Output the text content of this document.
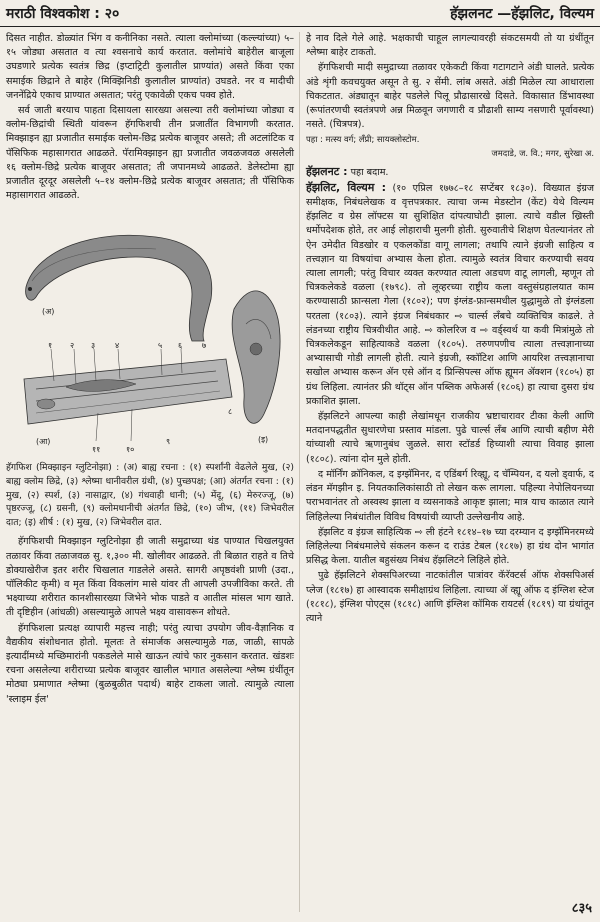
मराठी विश्वकोश : २०	हॅझलनट —हॅझलिट, विल्यम

दिसत नाहीत. डोळ्यांत भिंग व कनीनिका नसते. त्याला क्लोमांच्या (कल्ल्यांच्या) ५–१५ जोड्या असतात व त्या श्वसनाचे कार्य करतात. क्लोमांचे बाहेरील बाजूला उघडणारे प्रत्येक स्वतंत्र छिद्र (इप्टाट्रिटी कुलातील प्राण्यांत) असते किंवा एका समाईक छिद्राने ते बाहेर (मिक्झिनिडी कुलातील प्राण्यांत) उघडते. नर व मादीची जननेंद्रिये एकाच प्राण्यात असतात; परंतु एकावेळी एकच पक्व होते.

सर्व जाती बरयाच पाहता दिसायला सारख्या असल्या तरी क्लोमांच्या जोड्या व क्लोम-छिद्रांची स्थिती यांवरून हॅगफिशची तीन प्रजातींत विभागणी करतात. मिक्झाइन ह्या प्रजातीत समाईक क्लोम-छिद्र प्रत्येक बाजूवर असते; ती अटलांटिक व पॅसिफिक महासागरात आढळते. पॅरामिक्झाइन ह्या प्रजातीत जवळजवळ असलेली १६ क्लोम-छिद्रे प्रत्येक बाजूवर असतात; ती जपानमध्ये आढळते. डेलेस्टोमा ह्या प्रजातीत दूरदूर असलेली ५–१४ क्लोम-छिद्रे प्रत्येक बाजूवर असतात; ती पॅसिफिक महासागरात आढळते.

(अ)
(आ)	(इ)
१ २ ३ ४	५ ६ ७
८
९
१०
११

हॅगफिश (मिक्झाइन ग्लुटिनोझा) : (अ) बाह्य रचना : (१) स्पर्शांनी वेढलेले मुख, (२) बाह्य क्लोम छिद्रे, (३) श्लेष्मा धानीवरील ग्रंथी, (४) पुच्छपक्ष; (आ) अंतर्गत रचना : (१) मुख, (२) स्पर्श, (३) नासाद्वार, (४) गंधवाही धानी; (५) मेंदू, (६) मेरुरज्जू, (७) पृष्ठरज्जू, (८) ग्रसनी, (९) क्लोमधानीची अंतर्गत छिद्रे, (१०) जीभ, (११) जिभेवरील दात; (इ) शीर्ष : (१) मुख, (२) जिभेवरील दात.

हॅगफिशची मिक्झाइन ग्लुटिनोझा ही जाती समुद्राच्या थंड पाण्यात चिखलयुक्त तळावर किंवा तळाजवळ सु. १,३०० मी. खोलीवर आढळते. ती बिळात राहते व तिचे डोक्याखेरीज इतर शरीर चिखलात गाडलेले असते. सागरी अपृष्ठवंशी प्राणी (उदा., पॉलिकीट कृमी) व मृत किंवा विकलांग मासे यांवर ती आपली उपजीविका करते. ती भक्ष्याच्या शरीरात कानशीसारख्या जिभेने भोक पाडते व आतील मांसल भाग खाते. ती दृष्टिहीन (आंधळी) असल्यामुळे आपले भक्ष्य वासावरून शोधते.

हॅगफिशला प्रत्यक्ष व्यापारी महत्त्व नाही; परंतु त्याचा उपयोग जीव-वैज्ञानिक व वैद्यकीय संशोधनात होतो. मूलतः ते संमार्जक असल्यामुळे गळ, जाळी, सापळे इत्यादींमध्ये मच्छिमारांनी पकडलेले मासे खाऊन त्यांचे फार नुकसान करतात. खंडशः रचना असलेल्या शरीराच्या प्रत्येक बाजूवर खालील भागात असलेल्या श्लेष्म ग्रंथींतून मोठ्या प्रमाणात श्लेष्मा (बुळबुळीत पदार्थ) बाहेर टाकला जातो. त्यामुळे त्याला 'स्लाइम ईल'

हे नाव दिले गेले आहे. भक्षकाची चाहूल लागल्यावरही संकटसमयी तो या ग्रंथींतून श्लेष्मा बाहेर टाकतो.

हॅगफिशची मादी समुद्राच्या तळावर एकेकटी किंवा गटागटाने अंडी घालते. प्रत्येक अंडे शृंगी कवचयुक्त असून ते सु. २ सेंमी. लांब असते. अंडी मिळेल त्या आधाराला चिकटतात. अंड्यातून बाहेर पडलेले पिलू प्रौढासारखे दिसते. विकासात डिंभावस्था (रूपांतरणची स्वतंत्रपणे अन्न मिळवून जगणारी व प्रौढाशी साम्य नसणारी पूर्वावस्था) नसते. (चित्रपत्र).

पहा : मत्स्य वर्ग; लँप्री; सायक्लोस्टोम.

जमदाडे, ज. वि.; मगर, सुरेखा अ.

हॅझलनट : पहा बदाम.

हॅझलिट, विल्यम : (१० एप्रिल १७७८–१८ सप्टेंबर १८३०). विख्यात इंग्रज समीक्षक, निबंधलेखक व वृत्तपत्रकार. त्याचा जन्म मेडस्टोन (केंट) येथे विल्यम हॅझलिट व ग्रेस लॉफ्टस या सुशिक्षित दांपत्याघोटी झाला. त्याचे वडील ख्रिस्ती धर्मोपदेशक होते, तर आई लोहाराची मुलगी होती. सुरुवातीचे शिक्षण घेतल्यानंतर तो ऐन उमेदीत विडखोर व एकलकोंडा वागू लागला; तथापि त्याने इंग्रजी साहित्य व तत्त्वज्ञान या विषयांचा अभ्यास केला होता. त्यामुळे स्वतंत्र विचार करण्याची सवय त्याला लागली; परंतु विचार व्यक्त करण्यात त्याला अडचण वाटू लागली, म्हणून तो चित्रकलेकडे वळला (१७९८). तो लूव्हरच्या राष्ट्रीय कला वस्तुसंग्रहालयात काम करण्यासाठी फ्रान्सला गेला (१८०२); पण इंग्लंड-फ्रान्समधील युद्धामुळे तो इंग्लंडला परतला (१८०३). त्याने इंग्रज निबंधकार ⇨ चार्ल्स लँबचे व्यक्तिचित्र काढले. ते लंडनच्या राष्ट्रीय चित्रवीथीत आहे. ⇨ कोलरिज व ⇨ वर्ड्स्वर्थ या कवी मित्रांमुळे तो चित्रकलेकडून साहित्याकडे वळला (१८०५). तरुणपणीच त्याला तत्त्वज्ञानाच्या अभ्यासाची गोडी लागली होती. त्याने इंग्रजी, स्कॉटिश आणि आयरिश तत्त्वज्ञानाचा सखोल अभ्यास करून ॲन एसे ऑन द प्रिन्सिपल्स ऑफ ह्यूमन ॲक्शन (१८०५) हा ग्रंथ लिहिला. त्यानंतर फ्री थॉट्स ऑन पब्लिक अफेअर्स (१८०६) हा त्याचा दुसरा ग्रंथ प्रकाशित झाला.

हॅझलिटने आपल्या काही लेखांमधून राजकीय भ्रष्टाचारावर टीका केली आणि मतदानपद्धतीत सुधारणेचा प्रस्ताव मांडला. पुढे चार्ल्स लँब आणि त्याची बहीण मेरी यांच्याशी त्याचे ऋणानुबंध जुळले. सारा स्टॉडर्ड हिच्याशी त्याचा विवाह झाला (१८०८). त्यांना दोन मुले होती.

द मॉर्निंग क्रॉनिकल, द इग्झॅमिनर, द एडिंबर्ग रिव्ह्यू, द चॅम्पियन, द यलो ड्वार्फ, द लंडन मॅगझीन इ. नियतकालिकांसाठी तो लेखन करू लागला. पहिल्या नेपोलियनच्या पराभवानंतर तो अस्वस्थ झाला व व्यसनाकडे आकृष्ट झाला; मात्र याच काळात त्याने लिहिलेल्या निबंधांतील विविध विषयांची व्याप्ती उल्लेखनीय आहे.

हॅझलिट व इंग्रज साहित्यिक ⇨ ली हंटने १८१४–१७ च्या दरम्यान द इग्झॅमिनरमध्ये लिहिलेल्या निबंधमालेचे संकलन करून द राउंड टेबल (१८१७) हा ग्रंथ दोन भागांत प्रसिद्ध केला. यातील बहुसंख्य निबंध हॅझलिटने लिहिले होते.

पुढे हॅझलिटने शेक्सपिअरच्या नाटकांतील पात्रांवर कॅरॅक्टर्स ऑफ शेक्सपिअर्स प्लेज (१८१७) हा आस्वादक समीक्षाग्रंथ लिहिला. त्याच्या ॲ व्ह्यू ऑफ द इंग्लिश स्टेज (१८१८), इंग्लिश पोएट्स (१८१८) आणि इंग्लिश कॉमिक रायटर्स (१८१९) या ग्रंथांतून त्याने

८३५
